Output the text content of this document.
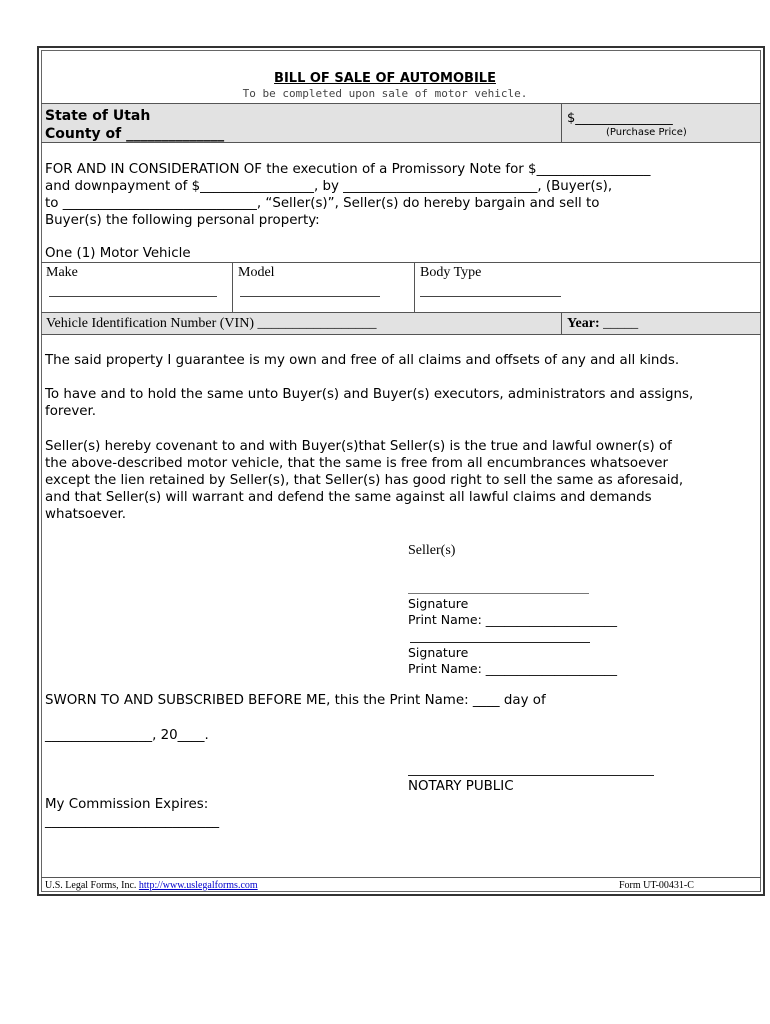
BILL OF SALE OF AUTOMOBILE
To be completed upon sale of motor vehicle.
State of Utah
County of ______________
$_______________
(Purchase Price)
FOR AND IN CONSIDERATION OF the execution of a Promissory Note for $_________________
and downpayment of $_________________, by _____________________________, (Buyer(s),
to _____________________________, “Seller(s)”, Seller(s) do hereby bargain and sell to
Buyer(s) the following personal property:
One (1) Motor Vehicle
Make	Model	Body Type
Vehicle Identification Number (VIN) _________________	Year: _____
The said property I guarantee is my own and free of all claims and offsets of any and all kinds.
To have and to hold the same unto Buyer(s) and Buyer(s) executors, administrators and assigns,
forever.
Seller(s) hereby covenant to and with Buyer(s)that Seller(s) is the true and lawful owner(s) of
the above-described motor vehicle, that the same is free from all encumbrances whatsoever
except the lien retained by Seller(s), that Seller(s) has good right to sell the same as aforesaid,
and that Seller(s) will warrant and defend the same against all lawful claims and demands
whatsoever.
Seller(s)
Signature
Print Name: _____________________
Signature
Print Name: _____________________
SWORN TO AND SUBSCRIBED BEFORE ME, this the Print Name: ____ day of
________________, 20____.
NOTARY PUBLIC
My Commission Expires:
__________________________
U.S. Legal Forms, Inc. http://www.uslegalforms.com	Form UT-00431-C
